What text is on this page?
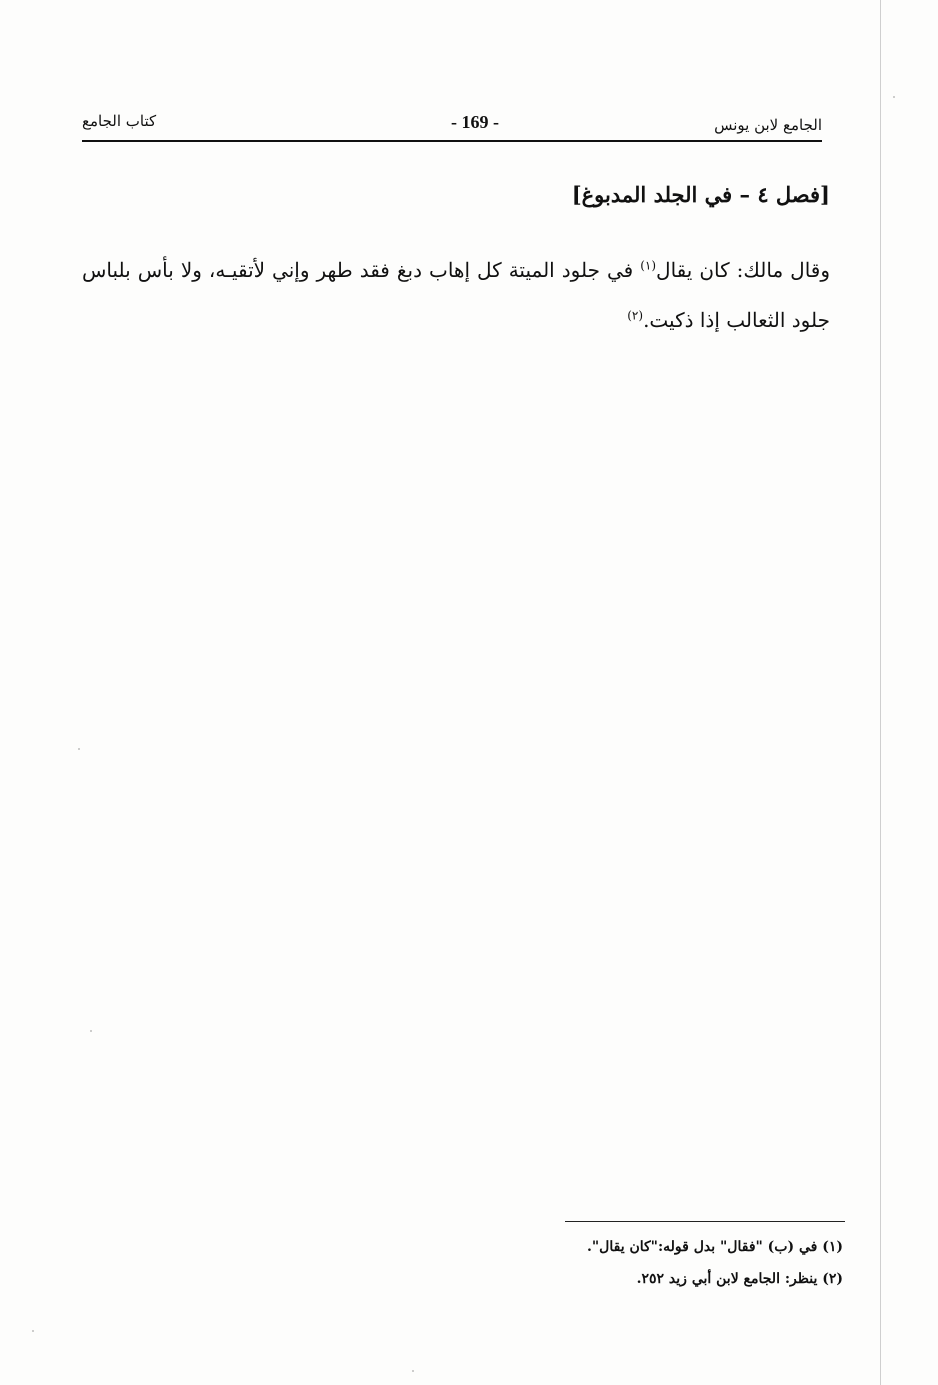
الجامع لابن يونس
- 169 -
كتاب الجامع
[فصل ٤ – في الجلد المدبوغ]

وقال مالك: كان يقال$^{(١)}$ في جلود الميتة كل إهاب دبغ فقد طهر وإني لأتقيـه، ولا بأس بلباس جلود الثعالب إذا ذكيت.$^{(٢)}$

(١) في (ب) "فقال" بدل قوله:"كان يقال".
(٢) ينظر: الجامع لابن أبي زيد ٢٥٢.
